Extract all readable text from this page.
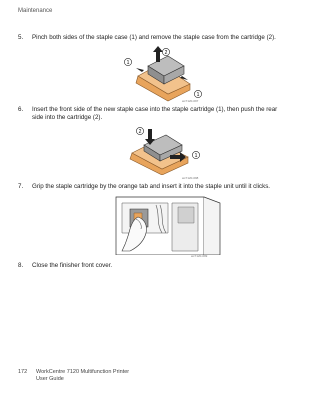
Maintenance
5. Pinch both sides of the staple case (1) and remove the staple case from the cartridge (2).
2
1
1
wc7120-097
6. Insert the front side of the new staple case into the staple cartridge (1), then push the rear side into the cartridge (2).
2
1
wc7120-098
7. Grip the staple cartridge by the orange tab and insert it into the staple unit until it clicks.
wc7120-099
8. Close the finisher front cover.
172 WorkCentre 7120 Multifunction Printer
User Guide
